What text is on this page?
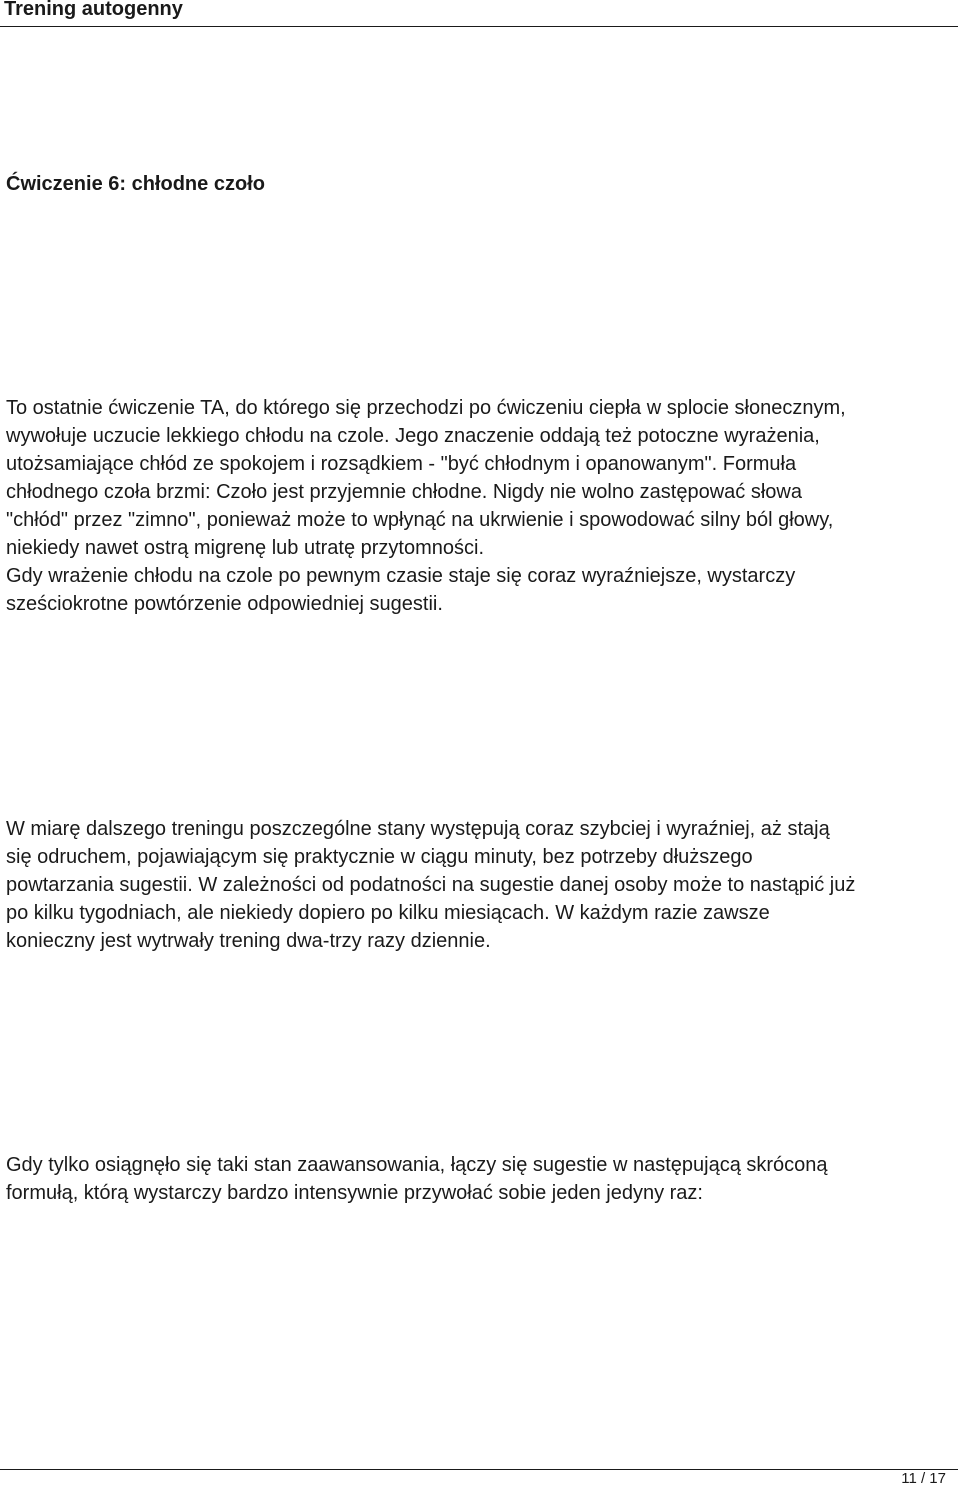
Trening autogenny
Ćwiczenie 6: chłodne czoło

To ostatnie ćwiczenie TA, do którego się przechodzi po ćwiczeniu ciepła w splocie słonecznym,
wywołuje uczucie lekkiego chłodu na czole. Jego znaczenie oddają też potoczne wyrażenia,
utożsamiające chłód ze spokojem i rozsądkiem - "być chłodnym i opanowanym". Formuła
chłodnego czoła brzmi: Czoło jest przyjemnie chłodne. Nigdy nie wolno zastępować słowa
"chłód" przez "zimno", ponieważ może to wpłynąć na ukrwienie i spowodować silny ból głowy,
niekiedy nawet ostrą migrenę lub utratę przytomności.
Gdy wrażenie chłodu na czole po pewnym czasie staje się coraz wyraźniejsze, wystarczy
sześciokrotne powtórzenie odpowiedniej sugestii.

W miarę dalszego treningu poszczególne stany występują coraz szybciej i wyraźniej, aż stają
się odruchem, pojawiającym się praktycznie w ciągu minuty, bez potrzeby dłuższego
powtarzania sugestii. W zależności od podatności na sugestie danej osoby może to nastąpić już
po kilku tygodniach, ale niekiedy dopiero po kilku miesiącach. W każdym razie zawsze
konieczny jest wytrwały trening dwa-trzy razy dziennie.

Gdy tylko osiągnęło się taki stan zaawansowania, łączy się sugestie w następującą skróconą
formułą, którą wystarczy bardzo intensywnie przywołać sobie jeden jedyny raz:

11 / 17
